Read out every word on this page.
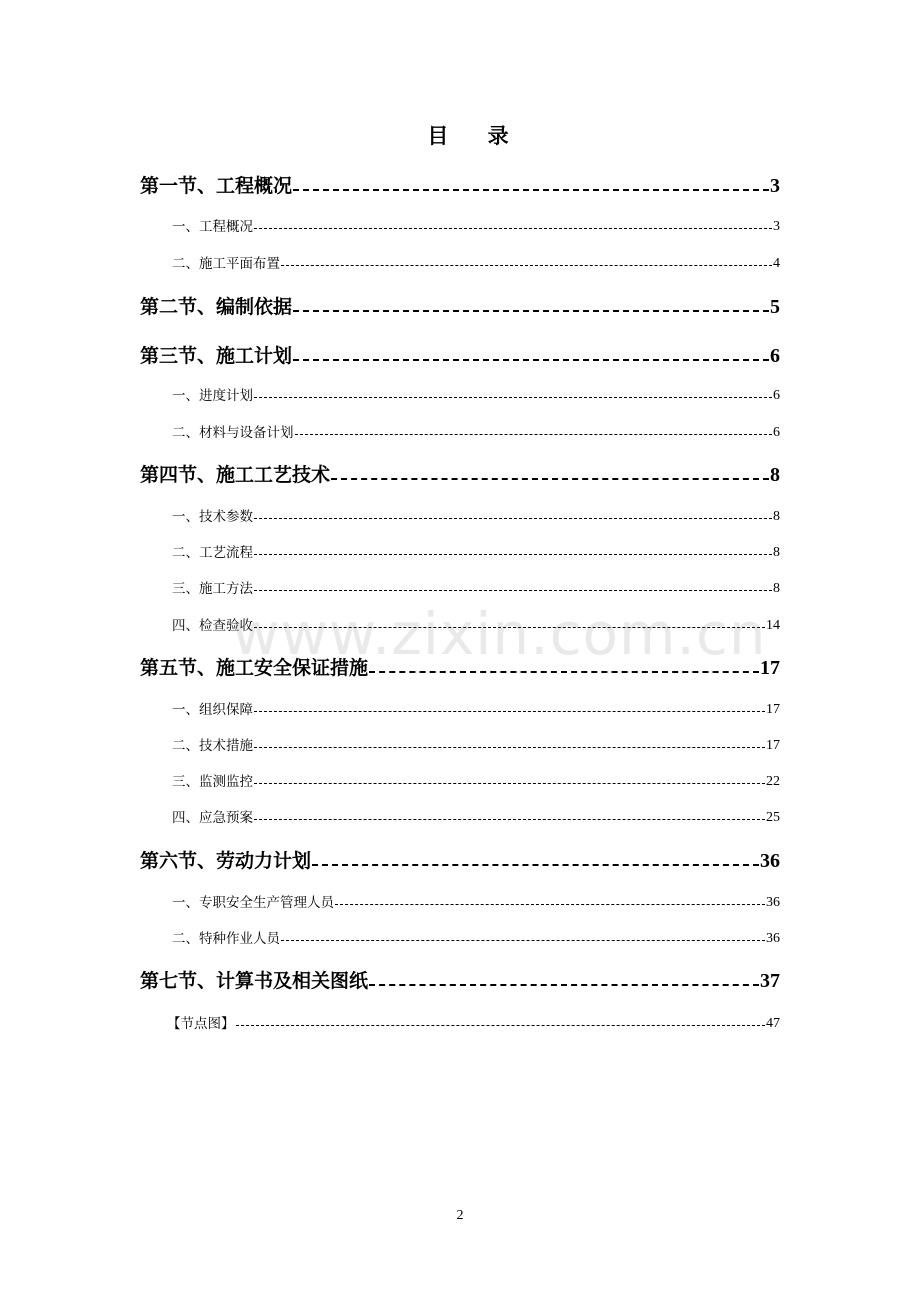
目 录
第一节、工程概况	3
一、工程概况	3
二、施工平面布置	4
第二节、编制依据	5
第三节、施工计划	6
一、进度计划	6
二、材料与设备计划	6
第四节、施工工艺技术	8
一、技术参数	8
二、工艺流程	8
三、施工方法	8
四、检查验收	14
第五节、施工安全保证措施	17
一、组织保障	17
二、技术措施	17
三、监测监控	22
四、应急预案	25
第六节、劳动力计划	36
一、专职安全生产管理人员	36
二、特种作业人员	36
第七节、计算书及相关图纸	37
【节点图】	47
www.zixin.com.cn
2
